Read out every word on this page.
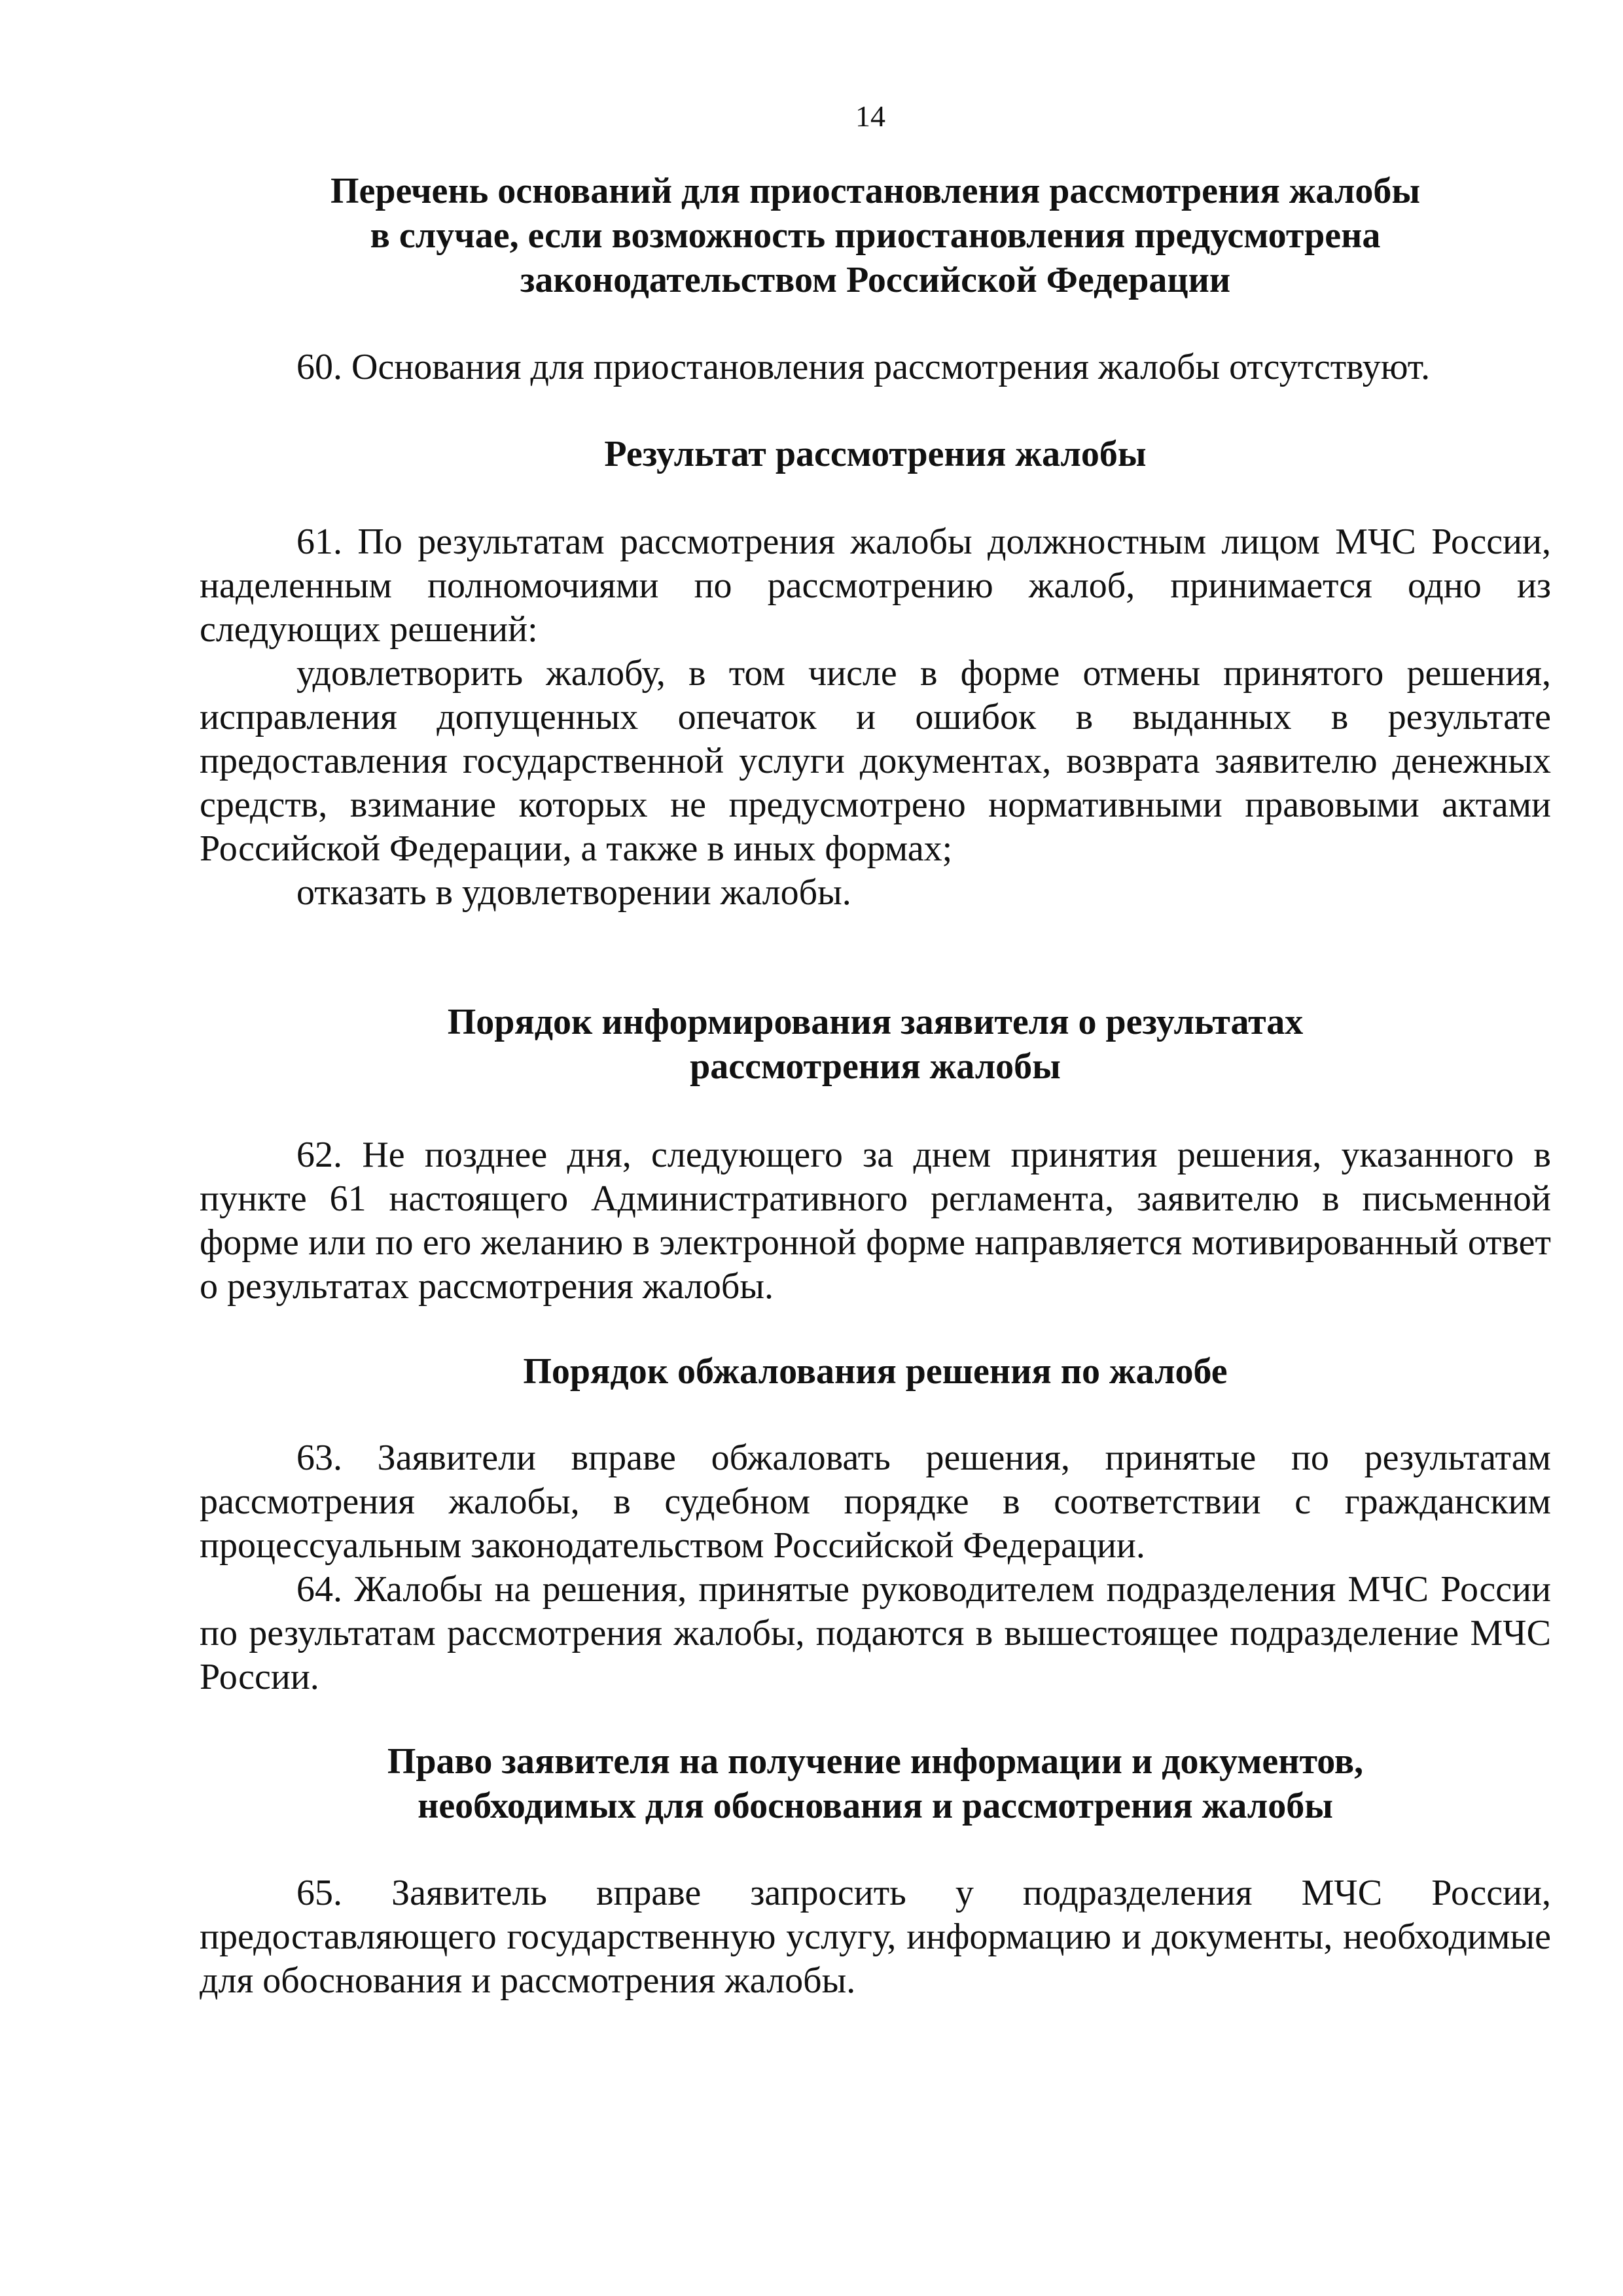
14
Перечень оснований для приостановления рассмотрения жалобы
в случае, если возможность приостановления предусмотрена
законодательством Российской Федерации
60. Основания для приостановления рассмотрения жалобы отсутствуют.
Результат рассмотрения жалобы
61. По результатам рассмотрения жалобы должностным лицом МЧС России, наделенным полномочиями по рассмотрению жалоб, принимается одно из следующих решений:
удовлетворить жалобу, в том числе в форме отмены принятого решения, исправления допущенных опечаток и ошибок в выданных в результате предоставления государственной услуги документах, возврата заявителю денежных средств, взимание которых не предусмотрено нормативными правовыми актами Российской Федерации, а также в иных формах;
отказать в удовлетворении жалобы.
Порядок информирования заявителя о результатах
рассмотрения жалобы
62. Не позднее дня, следующего за днем принятия решения, указанного в пункте 61 настоящего Административного регламента, заявителю в письменной форме или по его желанию в электронной форме направляется мотивированный ответ о результатах рассмотрения жалобы.
Порядок обжалования решения по жалобе
63. Заявители вправе обжаловать решения, принятые по результатам рассмотрения жалобы, в судебном порядке в соответствии с гражданским процессуальным законодательством Российской Федерации.
64. Жалобы на решения, принятые руководителем подразделения МЧС России по результатам рассмотрения жалобы, подаются в вышестоящее подразделение МЧС России.
Право заявителя на получение информации и документов,
необходимых для обоснования и рассмотрения жалобы
65. Заявитель вправе запросить у подразделения МЧС России, предоставляющего государственную услугу, информацию и документы, необходимые для обоснования и рассмотрения жалобы.
